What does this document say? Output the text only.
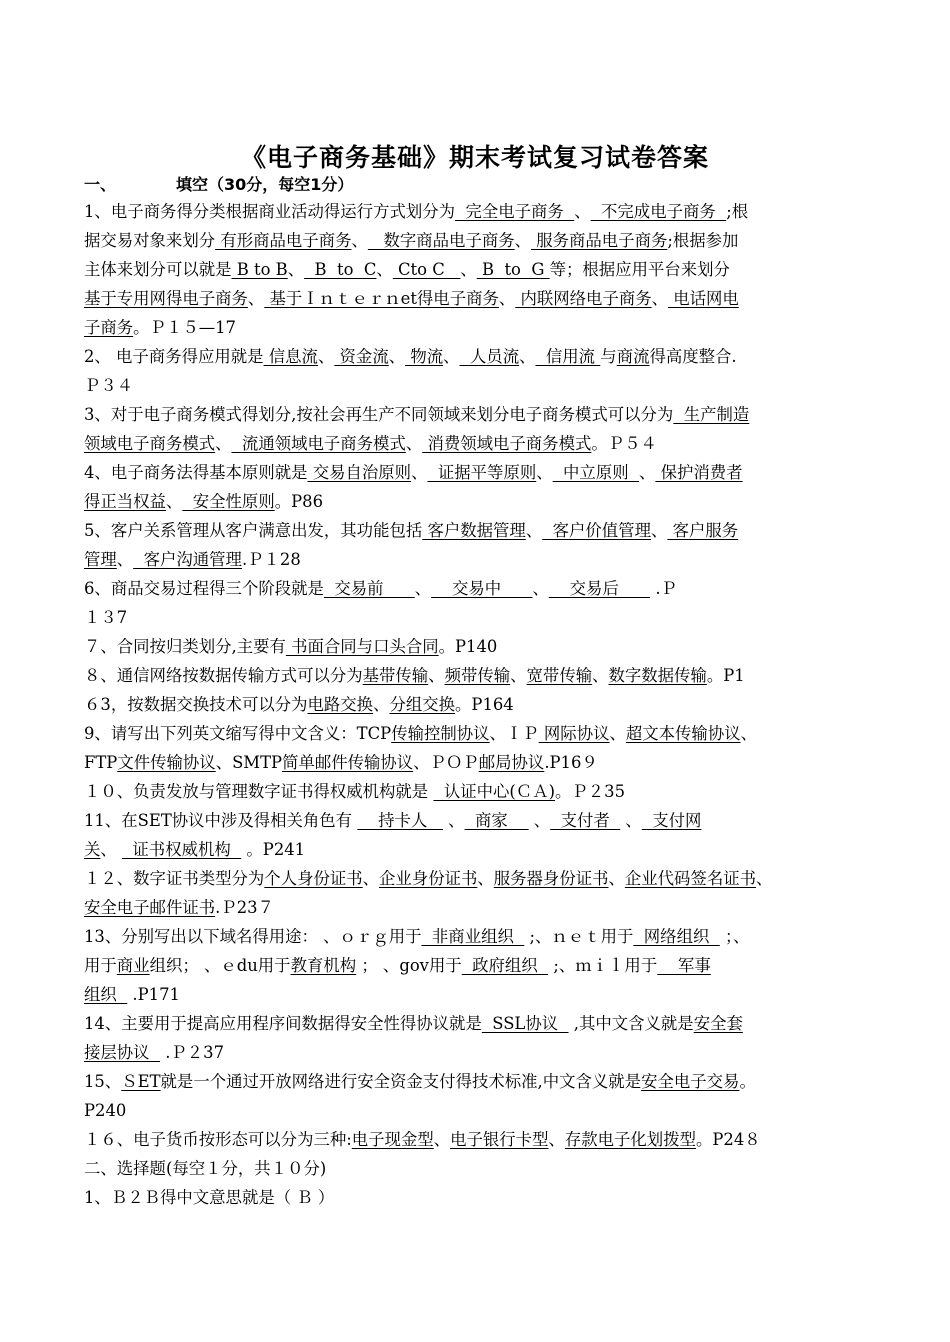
《电子商务基础》期末考试复习试卷答案
一、	填空（30分，每空1分）
1、电子商务得分类根据商业活动得运行方式划分为  完全电子商务  、  不完成电子商务  ;根
据交易对象来划分 有形商品电子商务、   数字商品电子商务、 服务商品电子商务;根据参加
主体来划分可以就是 B to B、  B  to  C、 Cto C   、 B  to  G 等；根据应用平台来划分
基于专用网得电子商务、 基于Ｉｎｔｅｒｎet得电子商务、 内联网络电子商务、 电话网电
子商务。Ｐ１５—17
2、 电子商务得应用就是 信息流、 资金流、 物流、  人员流、  信用流 与商流得高度整合.
Ｐ３４
3、对于电子商务模式得划分,按社会再生产不同领域来划分电子商务模式可以分为  生产制造
领域电子商务模式、  流通领域电子商务模式、 消费领域电子商务模式。Ｐ５４
4、电子商务法得基本原则就是 交易自治原则、  证据平等原则、  中立原则  、 保护消费者
得正当权益、  安全性原则。P86
5、客户关系管理从客户满意出发，其功能包括 客户数据管理、  客户价值管理、 客户服务
管理、  客户沟通管理.Ｐ１28
6、商品交易过程得三个阶段就是  交易前      、    交易中      、    交易后       .Ｐ
１３7
７、合同按归类划分,主要有 书面合同与口头合同。P140
８、通信网络按数据传输方式可以分为基带传输、频带传输、宽带传输、数字数据传输。P1
６3，按数据交换技术可以分为电路交换、分组交换。P164
9、请写出下列英文缩写得中文含义：TCP传输控制协议、ＩＰ 网际协议、超文本传输协议、
FTP文件传输协议、SMTP简单邮件传输协议、ＰＯＰ邮局协议.P16９
１０、负责发放与管理数字证书得权威机构就是   认证中心(ＣＡ)。Ｐ２35
11、在SET协议中涉及得相关角色有     持卡人    、  商家     、  支付者   、  支付网
关、   证书权威机构   。P241
１２、数字证书类型分为个人身份证书、企业身份证书、服务器身份证书、企业代码签名证书、
安全电子邮件证书.Ｐ23７
13、分别写出以下域名得用途： 、ｏｒｇ用于  非商业组织   ;、ｎｅｔ用于  网络组织   ；、
用于商业组织； 、ｅdu用于教育机构 ； 、gov用于  政府组织   ;、ｍｉｌ用于    军事
组织   .P171
14、主要用于提高应用程序间数据得安全性得协议就是  SSL协议   ,其中文含义就是安全套
接层协议   .Ｐ２37
15、ＳET就是一个通过开放网络进行安全资金支付得技术标准,中文含义就是安全电子交易。
P240
１６、电子货币按形态可以分为三种:电子现金型、电子银行卡型、存款电子化划拨型。P24８
二、选择题(每空１分，共１０分)
1、Ｂ２Ｂ得中文意思就是（ Ｂ ）
